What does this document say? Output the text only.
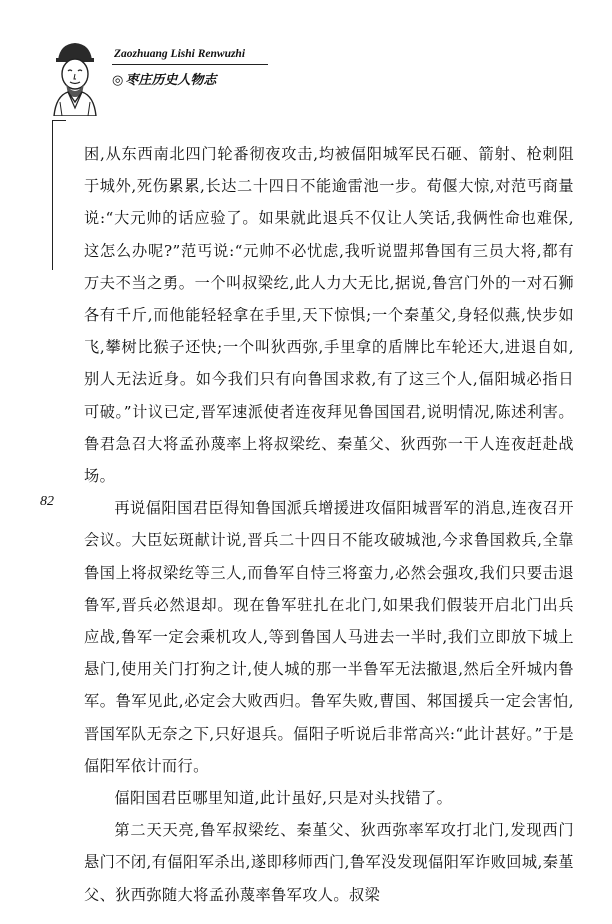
Zaozhuang Lishi Renwuzhi
◎ 枣庄历史人物志
82

困,从东西南北四门轮番彻夜攻击,均被偪阳城军民石砸、箭射、枪刺阻于城外,死伤累累,长达二十四日不能逾雷池一步。荀偃大惊,对范丐商量说:“大元帅的话应验了。如果就此退兵不仅让人笑话,我俩性命也难保,这怎么办呢?”范丐说:“元帅不必忧虑,我听说盟邦鲁国有三员大将,都有万夫不当之勇。一个叫叔梁纥,此人力大无比,据说,鲁宫门外的一对石狮各有千斤,而他能轻轻拿在手里,天下惊惧;一个秦堇父,身轻似燕,快步如飞,攀树比猴子还快;一个叫狄西弥,手里拿的盾牌比车轮还大,进退自如,别人无法近身。如今我们只有向鲁国求救,有了这三个人,偪阳城必指日可破。”计议已定,晋军速派使者连夜拜见鲁国国君,说明情况,陈述利害。鲁君急召大将孟孙蔑率上将叔梁纥、秦堇父、狄西弥一干人连夜赶赴战场。

再说偪阳国君臣得知鲁国派兵增援进攻偪阳城晋军的消息,连夜召开会议。大臣妘斑献计说,晋兵二十四日不能攻破城池,今求鲁国救兵,全靠鲁国上将叔梁纥等三人,而鲁军自恃三将蛮力,必然会强攻,我们只要击退鲁军,晋兵必然退却。现在鲁军驻扎在北门,如果我们假装开启北门出兵应战,鲁军一定会乘机攻人,等到鲁国人马进去一半时,我们立即放下城上悬门,使用关门打狗之计,使人城的那一半鲁军无法撤退,然后全歼城内鲁军。鲁军见此,必定会大败西归。鲁军失败,曹国、邾国援兵一定会害怕,晋国军队无奈之下,只好退兵。偪阳子听说后非常高兴:“此计甚好。”于是偪阳军依计而行。

偪阳国君臣哪里知道,此计虽好,只是对头找错了。

第二天天亮,鲁军叔梁纥、秦堇父、狄西弥率军攻打北门,发现西门悬门不闭,有偪阳军杀出,遂即移师西门,鲁军没发现偪阳军诈败回城,秦堇父、狄西弥随大将孟孙蔑率鲁军攻人。叔梁
